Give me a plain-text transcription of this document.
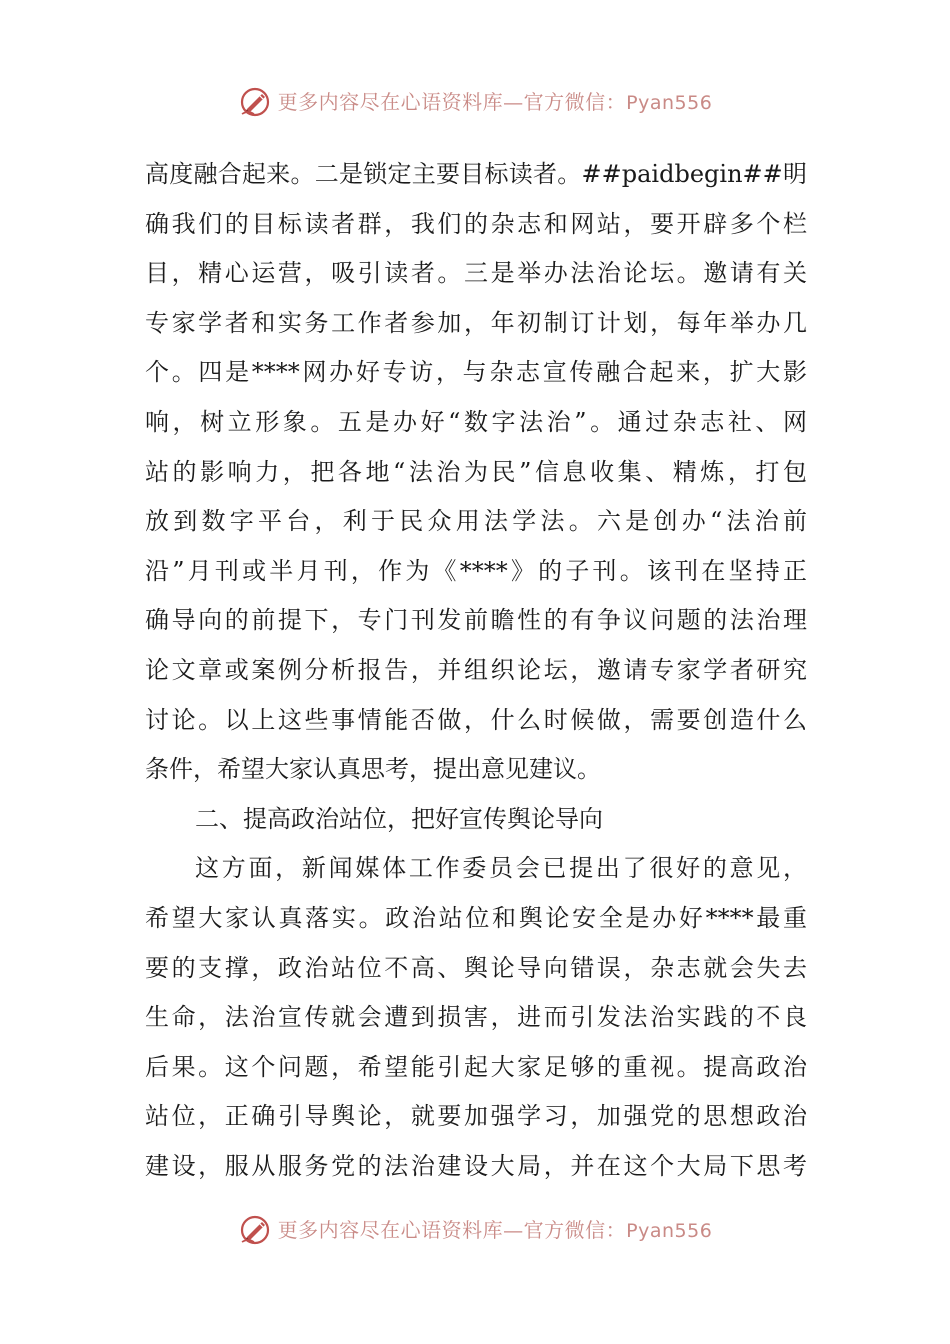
更多内容尽在心语资料库—官方微信：Pyan556
高度融合起来。二是锁定主要目标读者。##paidbegin##明
确我们的目标读者群，我们的杂志和网站，要开辟多个栏
目，精心运营，吸引读者。三是举办法治论坛。邀请有关
专家学者和实务工作者参加，年初制订计划，每年举办几
个。四是****网办好专访，与杂志宣传融合起来，扩大影
响，树立形象。五是办好“数字法治”。通过杂志社、网
站的影响力，把各地“法治为民”信息收集、精炼，打包
放到数字平台，利于民众用法学法。六是创办“法治前
沿”月刊或半月刊，作为《****》的子刊。该刊在坚持正
确导向的前提下，专门刊发前瞻性的有争议问题的法治理
论文章或案例分析报告，并组织论坛，邀请专家学者研究
讨论。以上这些事情能否做，什么时候做，需要创造什么
条件，希望大家认真思考，提出意见建议。
二、提高政治站位，把好宣传舆论导向
这方面，新闻媒体工作委员会已提出了很好的意见，
希望大家认真落实。政治站位和舆论安全是办好****最重
要的支撑，政治站位不高、舆论导向错误，杂志就会失去
生命，法治宣传就会遭到损害，进而引发法治实践的不良
后果。这个问题，希望能引起大家足够的重视。提高政治
站位，正确引导舆论，就要加强学习，加强党的思想政治
建设，服从服务党的法治建设大局，并在这个大局下思考
更多内容尽在心语资料库—官方微信：Pyan556
